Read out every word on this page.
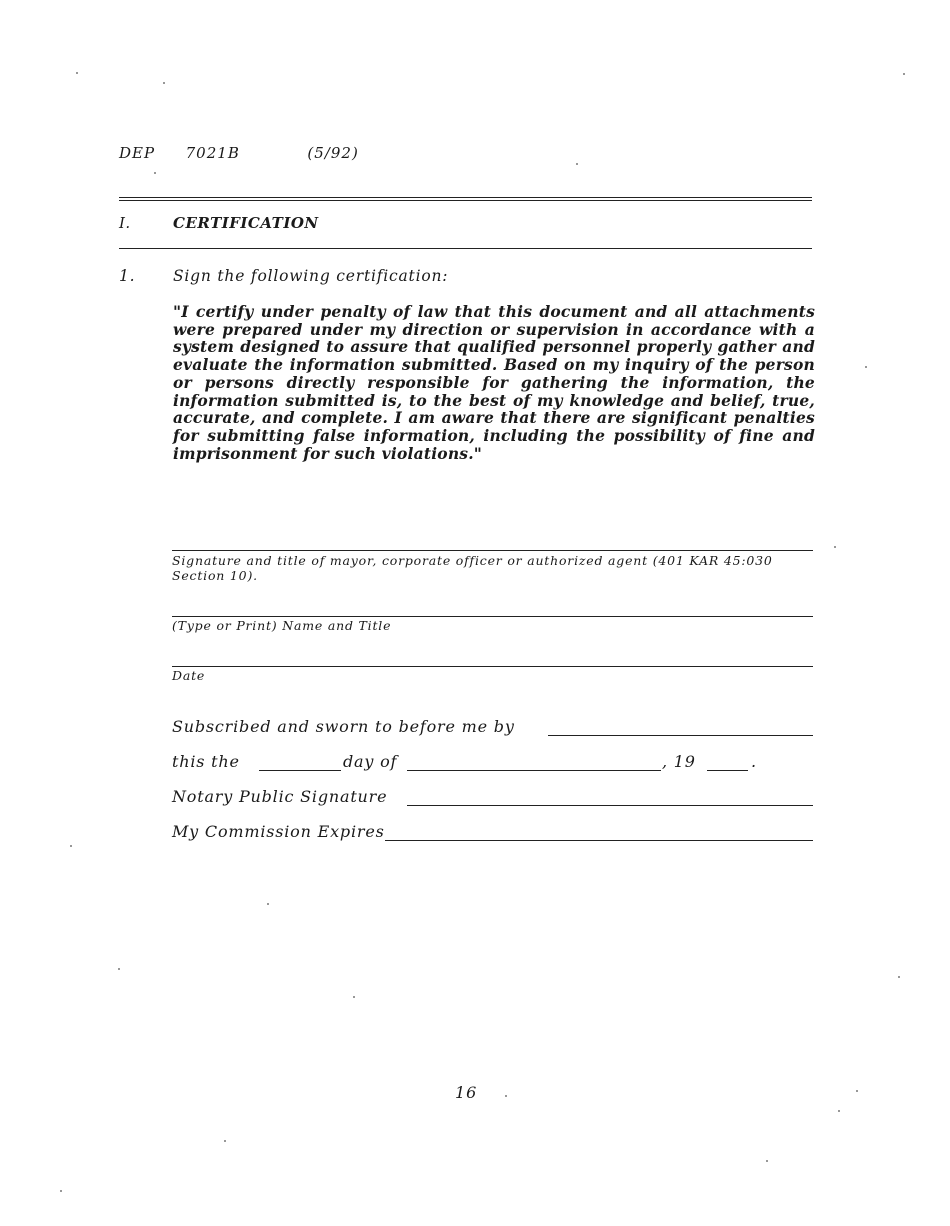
DEP 7021B	(5/92)
I.	CERTIFICATION
1. Sign the following certification:
"I certify under penalty of law that this document and all attachments were prepared under my direction or supervision in accordance with a system designed to assure that qualified personnel properly gather and evaluate the information submitted. Based on my inquiry of the person or persons directly responsible for gathering the information, the information submitted is, to the best of my knowledge and belief, true, accurate, and complete. I am aware that there are significant penalties for submitting false information, including the possibility of fine and imprisonment for such violations."
Signature and title of mayor, corporate officer or authorized agent (401 KAR 45:030 Section 10).
(Type or Print) Name and Title
Date
Subscribed and sworn to before me by
this the	day of	, 19	.
Notary Public Signature
My Commission Expires
16
